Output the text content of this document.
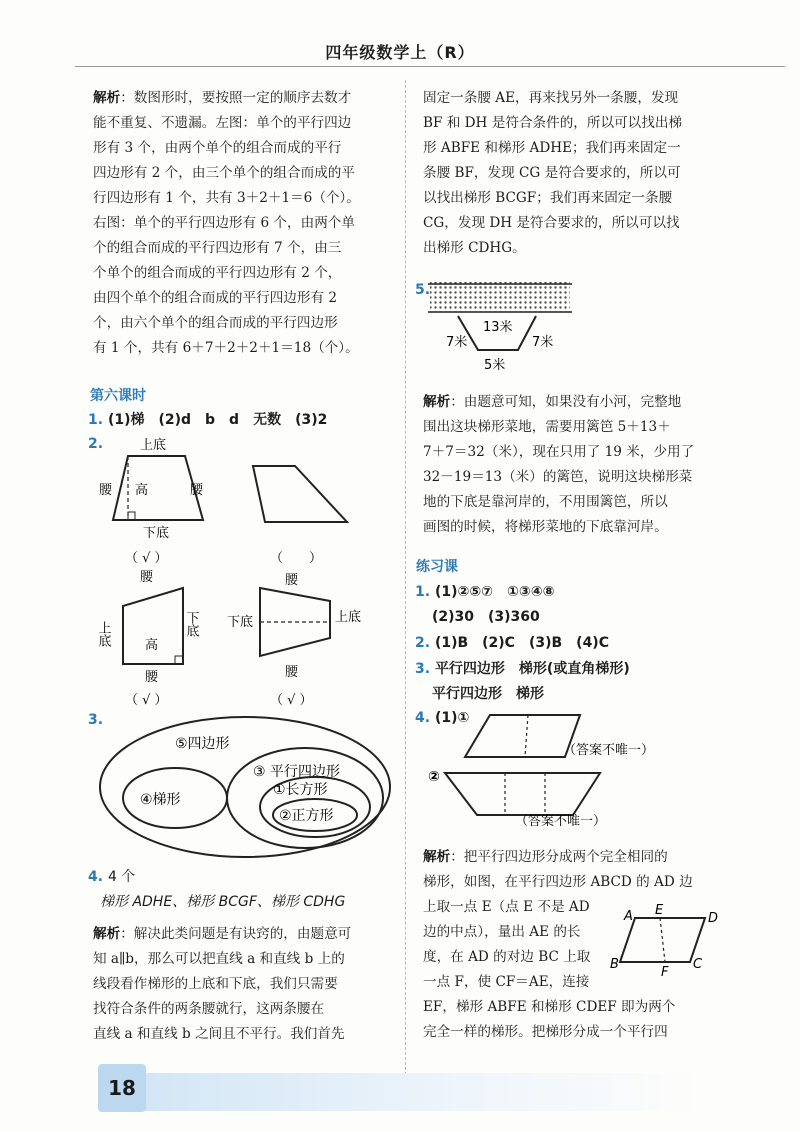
四年级数学上（R）
解析：数图形时，要按照一定的顺序去数才
能不重复、不遗漏。左图：单个的平行四边
形有 3 个，由两个单个的组合而成的平行
四边形有 2 个，由三个单个的组合而成的平
行四边形有 1 个，共有 3＋2＋1＝6（个）。
右图：单个的平行四边形有 6 个，由两个单
个的组合而成的平行四边形有 7 个，由三
个单个的组合而成的平行四边形有 2 个，
由四个单个的组合而成的平行四边形有 2
个，由六个单个的组合而成的平行四边形
有 1 个，共有 6＋7＋2＋2＋1＝18（个）。
第六课时
1. (1)梯　(2)d　b　d　无数　(3)2
2.	上底
腰 高	腰
下底
（ √ ）	（　　）
腰
上底	高
下底
腰
（ √ ）
腰
下底	上底
腰
（ √ ）
3.
⑤四边形
④梯形
③ 平行四边形
①长方形
②正方形
4. 4 个
梯形 ADHE、梯形 BCGF、梯形 CDHG
解析：解决此类问题是有诀窍的，由题意可
知 a∥b，那么可以把直线 a 和直线 b 上的
线段看作梯形的上底和下底，我们只需要
找符合条件的两条腰就行，这两条腰在
直线 a 和直线 b 之间且不平行。我们首先
固定一条腰 AE，再来找另外一条腰，发现
BF 和 DH 是符合条件的，所以可以找出梯
形 ABFE 和梯形 ADHE；我们再来固定一
条腰 BF，发现 CG 是符合要求的，所以可
以找出梯形 BCGF；我们再来固定一条腰
CG，发现 DH 是符合要求的，所以可以找
出梯形 CDHG。
5.
13米
7米	7米
5米
解析：由题意可知，如果没有小河，完整地
围出这块梯形菜地，需要用篱笆 5＋13＋
7＋7＝32（米），现在只用了 19 米，少用了
32－19＝13（米）的篱笆，说明这块梯形菜
地的下底是靠河岸的，不用围篱笆，所以
画图的时候，将梯形菜地的下底靠河岸。
练习课
1. (1)②⑤⑦　①③④⑧
(2)30　(3)360
2. (1)B　(2)C　(3)B　(4)C
3. 平行四边形　梯形(或直角梯形)
平行四边形　梯形
4. (1)①
（答案不唯一）
②
（答案不唯一）
解析：把平行四边形分成两个完全相同的
梯形，如图，在平行四边形 ABCD 的 AD 边
上取一点 E（点 E 不是 AD
边的中点），量出 AE 的长
度，在 AD 的对边 BC 上取
一点 F，使 CF＝AE，连接
EF，梯形 ABFE 和梯形 CDEF 即为两个
完全一样的梯形。把梯形分成一个平行四
A E
D
B
F
C
18
